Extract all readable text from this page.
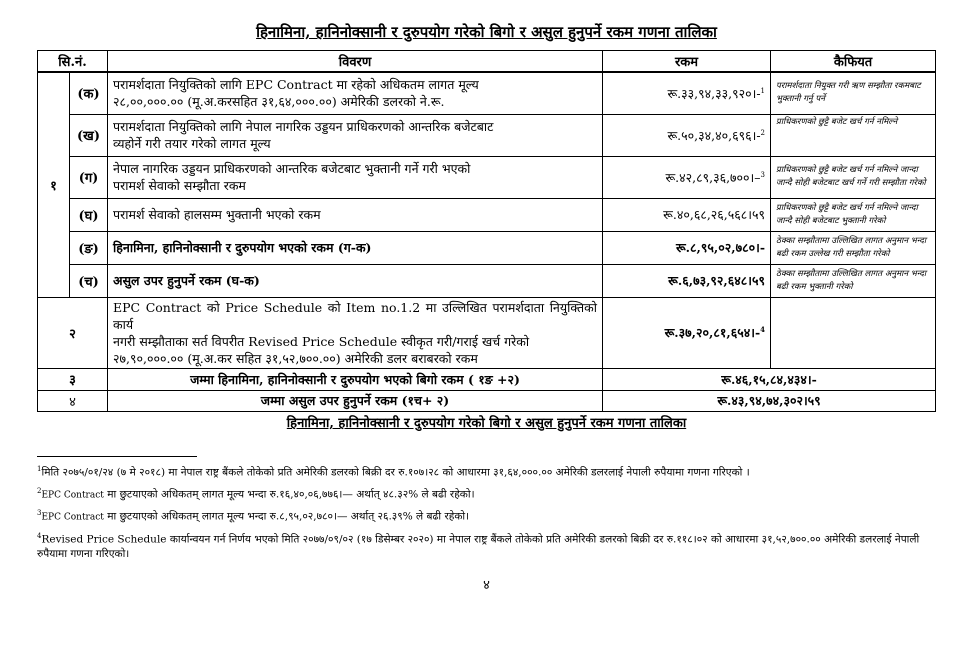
हिनामिना, हानिनोक्सानी र दुरुपयोग गरेको बिगो र असुल हुनुपर्ने रकम गणना तालिका
सि.नं.		विवरण	रकम	कैफियत
१	(क)	परामर्शदाता नियुक्तिको लागि EPC Contract मा रहेको अधिकतम लागत मूल्य
२८,००,०००.०० (मू.अ.करसहित ३१,६४,०००.००) अमेरिकी डलरको ने.रू.	रू.३३,९४,३३,९२०।-$^1$	परामर्शदाता नियुक्त गरी ऋण सम्झौता रकमबाट भुक्तानी गर्नु पर्ने
	(ख)	परामर्शदाता नियुक्तिको लागि नेपाल नागरिक उड्डयन प्राधिकरणको आन्तरिक बजेटबाट
व्यहोर्ने गरी तयार गरेको लागत मूल्य	रू.५०,३४,४०,६९६।-$^2$	प्राधिकरणको छुट्टै बजेट खर्च गर्न नमिल्ने
	(ग)	नेपाल नागरिक उड्डयन प्राधिकरणको आन्तरिक बजेटबाट भुक्तानी गर्ने गरी भएको
परामर्श सेवाको सम्झौता रकम	रू.४२,८९,३६,७००।–$^3$	प्राधिकरणको छुट्टै बजेट खर्च गर्न नमिल्ने जान्दा जान्दै सोही बजेटबाट खर्च गर्ने गरी सम्झौता गरेको
	(घ)	परामर्श सेवाको हालसम्म भुक्तानी भएको रकम	रू.४०,६८,२६,५६८।५९	प्राधिकरणको छुट्टै बजेट खर्च गर्न नमिल्ने जान्दा जान्दै सोही बजेटबाट भुक्तानी गरेको
	(ङ)	हिनामिना, हानिनोक्सानी र दुरुपयोग भएको रकम (ग-क)	रू.८,९५,०२,७८०।-	ठेक्का सम्झौतामा उल्लिखित लागत अनुमान भन्दा बढी रकम उल्लेख गरी सम्झौता गरेको
	(च)	असुल उपर हुनुपर्ने रकम (घ-क)	रू.६,७३,९२,६४८।५९	ठेक्का सम्झौतामा उल्लिखित लागत अनुमान भन्दा बढी रकम भुक्तानी गरेको
२		EPC Contract को Price Schedule को Item no.1.2 मा उल्लिखित परामर्शदाता नियुक्तिको कार्य
नगरी सम्झौताका सर्त विपरीत Revised Price Schedule स्वीकृत गरी/गराई खर्च गरेको
२७,९०,०००.०० (मू.अ.कर सहित ३१,५२,७००.००) अमेरिकी डलर बराबरको रकम	रू.३७,२०,८१,६५४।-$^4$	
३		जम्मा हिनामिना, हानिनोक्सानी र दुरुपयोग भएको बिगो रकम ( १ङ +२)	रू.४६,१५,८४,४३४।-	
४		जम्मा असुल उपर हुनुपर्ने रकम (१च+ २)	रू.४३,९४,७४,३०२।५९	
हिनामिना, हानिनोक्सानी र दुरुपयोग गरेको बिगो र असुल हुनुपर्ने रकम गणना तालिका
$^1$मिति २०७५/०१/२४ (७ मे २०१८) मा नेपाल राष्ट्र बैंकले तोकेको प्रति अमेरिकी डलरको बिक्री दर रु.१०७।२८ को आधारमा ३१,६४,०००.०० अमेरिकी डलरलाई नेपाली रुपैयामा गणना गरिएको ।
$^2$EPC Contract मा छुटयाएको अधिकतम् लागत मूल्य भन्दा रु.१६,४०,०६,७७६।— अर्थात् ४८.३२% ले बढी रहेको।
$^3$EPC Contract मा छुटयाएको अधिकतम् लागत मूल्य भन्दा रु.८,९५,०२,७८०।— अर्थात् २६.३९% ले बढी रहेको।
$^4$Revised Price Schedule कार्यान्वयन गर्न निर्णय भएको मिति २०७७/०९/०२ (१७ डिसेम्बर २०२०) मा नेपाल राष्ट्र बैंकले तोकेको प्रति अमेरिकी डलरको बिक्री दर रु.११८।०२ को आधारमा ३१,५२,७००.०० अमेरिकी डलरलाई नेपाली रुपैयामा गणना गरिएको।
४
